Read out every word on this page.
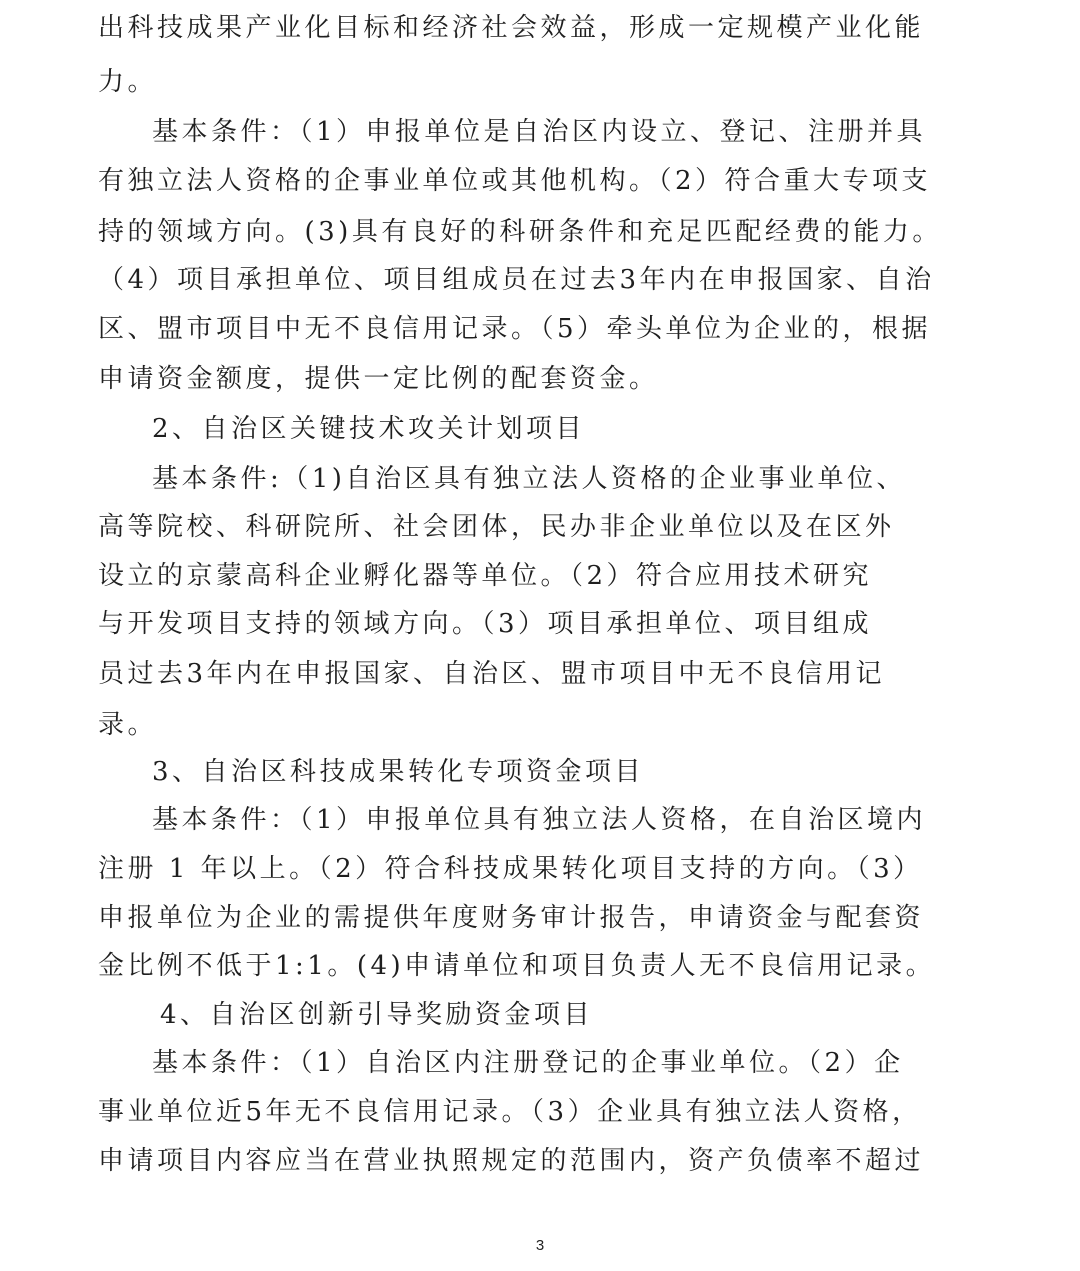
出科技成果产业化目标和经济社会效益，形成一定规模产业化能
力。
基本条件：（1）申报单位是自治区内设立、登记、注册并具
有独立法人资格的企事业单位或其他机构。（2）符合重大专项支
持的领域方向。(3)具有良好的科研条件和充足匹配经费的能力。
（4）项目承担单位、项目组成员在过去3年内在申报国家、自治
区、盟市项目中无不良信用记录。（5）牵头单位为企业的，根据
申请资金额度，提供一定比例的配套资金。
2、自治区关键技术攻关计划项目
基本条件:（1)自治区具有独立法人资格的企业事业单位、
高等院校、科研院所、社会团体，民办非企业单位以及在区外
设立的京蒙高科企业孵化器等单位。（2）符合应用技术研究
与开发项目支持的领域方向。（3）项目承担单位、项目组成
员过去3年内在申报国家、自治区、盟市项目中无不良信用记
录。
3、自治区科技成果转化专项资金项目
基本条件：（1）申报单位具有独立法人资格，在自治区境内
注册 1 年以上。（2）符合科技成果转化项目支持的方向。（3）
申报单位为企业的需提供年度财务审计报告，申请资金与配套资
金比例不低于1:1。(4)申请单位和项目负责人无不良信用记录。
4、自治区创新引导奖励资金项目
基本条件：（1）自治区内注册登记的企事业单位。（2）企
事业单位近5年无不良信用记录。（3）企业具有独立法人资格，
申请项目内容应当在营业执照规定的范围内，资产负债率不超过
3
